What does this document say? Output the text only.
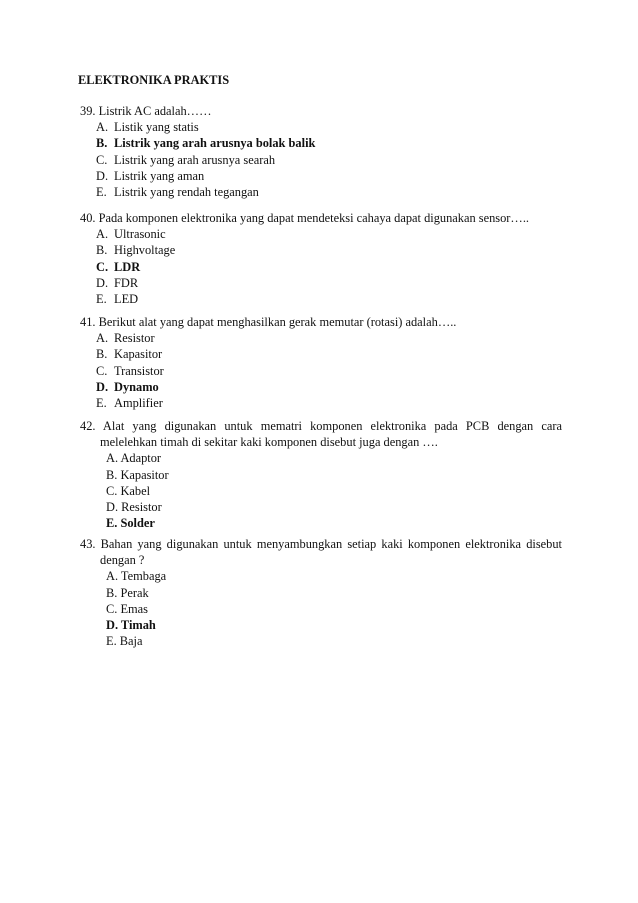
ELEKTRONIKA PRAKTIS
39. Listrik AC adalah……
A. Listik yang statis
B. Listrik yang arah arusnya bolak balik
C. Listrik yang arah arusnya searah
D. Listrik yang aman
E. Listrik yang rendah tegangan
40. Pada komponen elektronika yang dapat mendeteksi cahaya dapat digunakan sensor…..
A. Ultrasonic
B. Highvoltage
C. LDR
D. FDR
E. LED
41. Berikut alat yang dapat menghasilkan gerak memutar (rotasi) adalah…..
A. Resistor
B. Kapasitor
C. Transistor
D. Dynamo
E. Amplifier
42. Alat yang digunakan untuk mematri komponen elektronika pada PCB dengan cara
melelehkan timah di sekitar kaki komponen disebut juga dengan ….
A. Adaptor
B. Kapasitor
C. Kabel
D. Resistor
E. Solder
43. Bahan yang digunakan untuk menyambungkan setiap kaki komponen elektronika disebut
dengan ?
A. Tembaga
B. Perak
C. Emas
D. Timah
E. Baja
